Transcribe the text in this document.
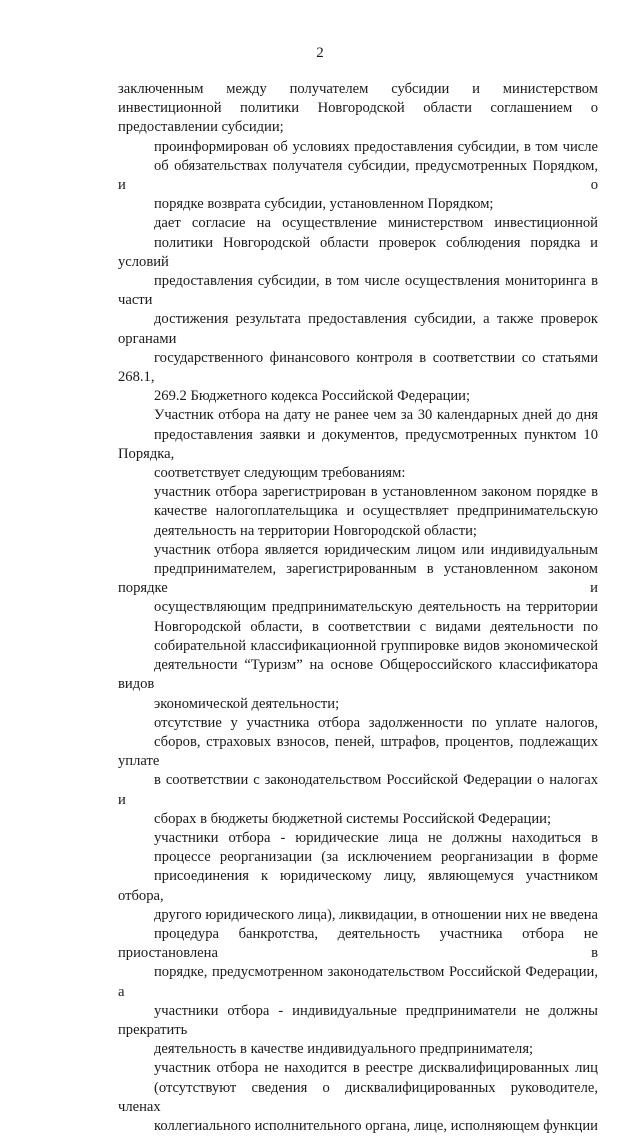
2

заключенным между получателем субсидии и министерством
инвестиционной политики Новгородской области соглашением о
предоставлении субсидии;

проинформирован об условиях предоставления субсидии, в том числе
об обязательствах получателя субсидии, предусмотренных Порядком, и о
порядке возврата субсидии, установленном Порядком;

дает согласие на осуществление министерством инвестиционной
политики Новгородской области проверок соблюдения порядка и условий
предоставления субсидии, в том числе осуществления мониторинга в части
достижения результата предоставления субсидии, а также проверок органами
государственного финансового контроля в соответствии со статьями 268.1,
269.2 Бюджетного кодекса Российской Федерации;

Участник отбора на дату не ранее чем за 30 календарных дней до дня
предоставления заявки и документов, предусмотренных пунктом 10 Порядка,
соответствует следующим требованиям:

участник отбора зарегистрирован в установленном законом порядке в
качестве налогоплательщика и осуществляет предпринимательскую
деятельность на территории Новгородской области;

участник отбора является юридическим лицом или индивидуальным
предпринимателем, зарегистрированным в установленном законом порядке и
осуществляющим предпринимательскую деятельность на территории
Новгородской области, в соответствии с видами деятельности по
собирательной классификационной группировке видов экономической
деятельности “Туризм” на основе Общероссийского классификатора видов
экономической деятельности;

отсутствие у участника отбора задолженности по уплате налогов,
сборов, страховых взносов, пеней, штрафов, процентов, подлежащих уплате
в соответствии с законодательством Российской Федерации о налогах и
сборах в бюджеты бюджетной системы Российской Федерации;

участники отбора - юридические лица не должны находиться в
процессе реорганизации (за исключением реорганизации в форме
присоединения к юридическому лицу, являющемуся участником отбора,
другого юридического лица), ликвидации, в отношении них не введена
процедура банкротства, деятельность участника отбора не приостановлена в
порядке, предусмотренном законодательством Российской Федерации, а
участники отбора - индивидуальные предприниматели не должны прекратить
деятельность в качестве индивидуального предпринимателя;

участник отбора не находится в реестре дисквалифицированных лиц
(отсутствуют сведения о дисквалифицированных руководителе, членах
коллегиального исполнительного органа, лице, исполняющем функции
